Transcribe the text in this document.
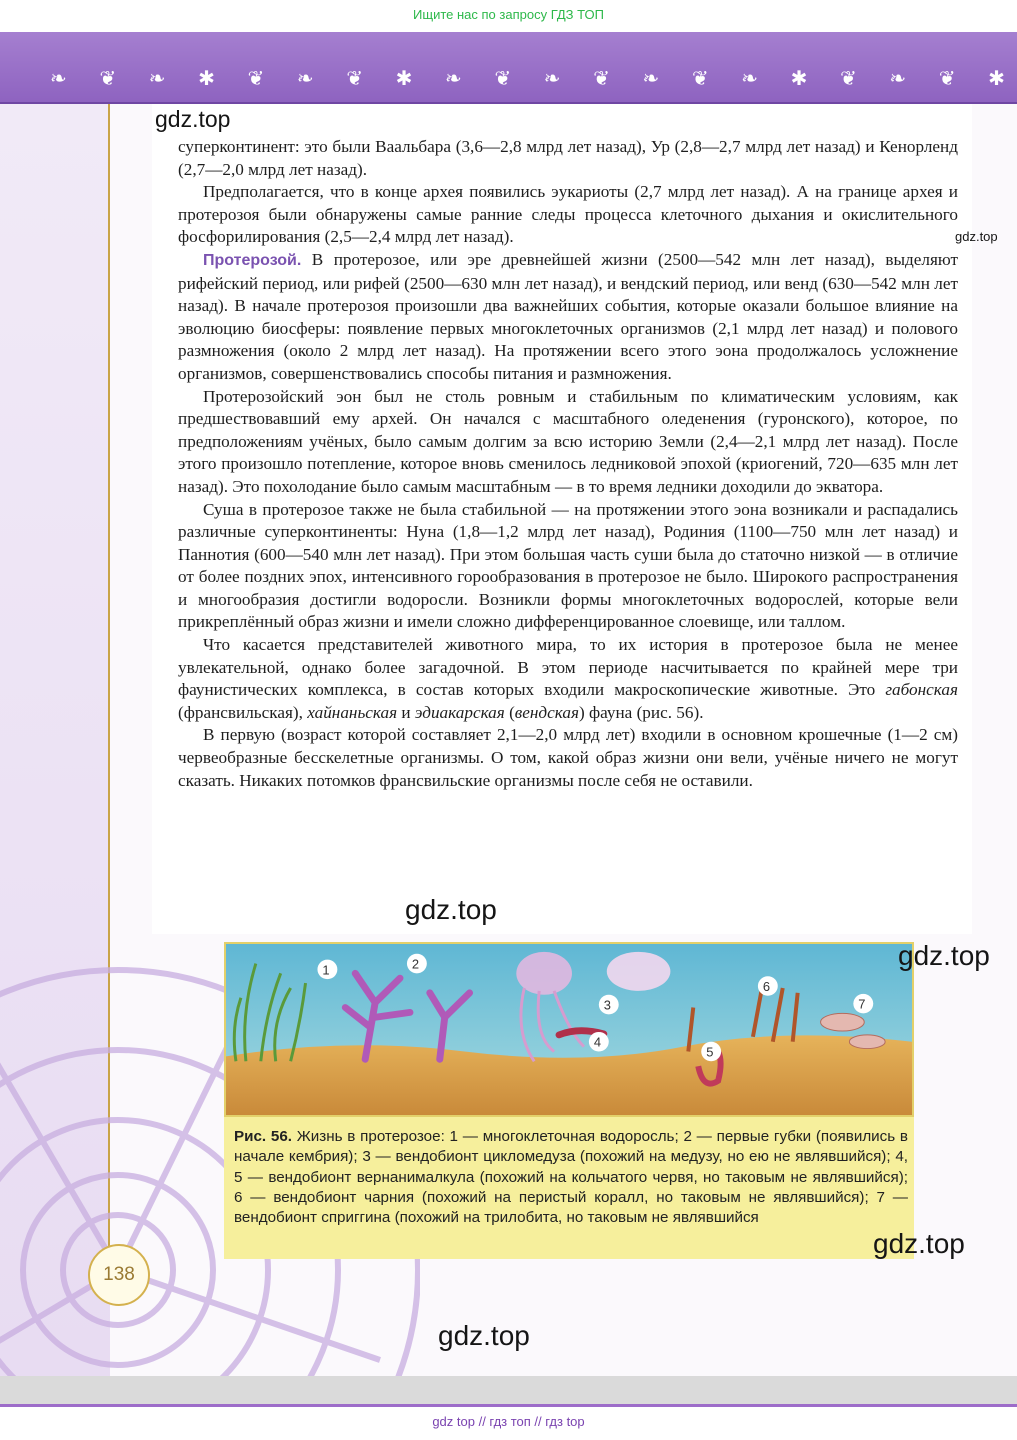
Ищите нас по запросу ГДЗ ТОП
❧ ❦ ❧ ✱ ❦ ❧ ❦ ✱ ❧ ❦ ❧ ❦ ❧ ❦ ❧ ✱ ❦ ❧ ❦ ✱
gdz.top
gdz.top

суперконтинент: это были Ваальбара (3,6—2,8 млрд лет назад), Ур (2,8—2,7 млрд лет назад) и Кенорленд (2,7—2,0 млрд лет назад).

Предполагается, что в конце архея появились эукариоты (2,7 млрд лет назад). А на границе архея и протерозоя были обнаружены самые ранние следы процесса клеточного дыхания и окислительного фосфорилирования (2,5—2,4 млрд лет назад).

Протерозой. В протерозое, или эре древнейшей жизни (2500—542 млн лет назад), выделяют рифейский период, или рифей (2500—630 млн лет назад), и вендский период, или венд (630—542 млн лет назад). В начале протерозоя произошли два важнейших события, которые оказали большое влияние на эволюцию биосферы: появление первых многоклеточных организмов (2,1 млрд лет назад) и полового размножения (около 2 млрд лет назад). На протяжении всего этого эона продолжалось усложнение организмов, совершенствовались способы питания и размножения.

Протерозойский эон был не столь ровным и стабильным по климатическим условиям, как предшествовавший ему архей. Он начался с масштабного оледенения (гуронского), которое, по предположениям учёных, было самым долгим за всю историю Земли (2,4—2,1 млрд лет назад). После этого произошло потепление, которое вновь сменилось ледниковой эпохой (криогений, 720—635 млн лет назад). Это похолодание было самым масштабным — в то время ледники доходили до экватора.

Суша в протерозое также не была стабильной — на протяжении этого эона возникали и распадались различные суперконтиненты: Нуна (1,8—1,2 млрд лет назад), Родиния (1100—750 млн лет назад) и Паннотия (600—540 млн лет назад). При этом большая часть суши была до статочно низкой — в отличие от более поздних эпох, интенсивного горообразования в протерозое не было. Широкого распространения и многообразия достигли водоросли. Возникли формы многоклеточных водорослей, которые вели прикреплённый образ жизни и имели сложно дифференцированное слоевище, или таллом.

Что касается представителей животного мира, то их история в протерозое была не менее увлекательной, однако более загадочной. В этом периоде насчитывается по крайней мере три фаунистических комплекса, в состав которых входили макроскопические животные. Это габонская (франсвильская), хайнаньская и эдиакарская (вендская) фауна (рис. 56).

В первую (возраст которой составляет 2,1—2,0 млрд лет) входили в основном крошечные (1—2 см) червеобразные бесскелетные организмы. О том, какой образ жизни они вели, учёные ничего не могут сказать. Никаких потомков франсвильские организмы после себя не оставили.

gdz.top
1	2
3
4
5
6
7
Рис. 56. Жизнь в протерозое: 1 — многоклеточная водоросль; 2 — первые губки (появились в начале кембрия); 3 — вендобионт цикломедуза (похожий на медузу, но ею не являвшийся); 4, 5 — вендобионт вернанималкула (похожий на кольчатого червя, но таковым не являвшийся); 6 — вендобионт чарния (похожий на перистый коралл, но таковым не являвшийся); 7 — вендобионт сприггина (похожий на трилобита, но таковым не являвшийся
gdz.top
gdz.top
138
gdz.top
gdz top // гдз топ // гдз top
